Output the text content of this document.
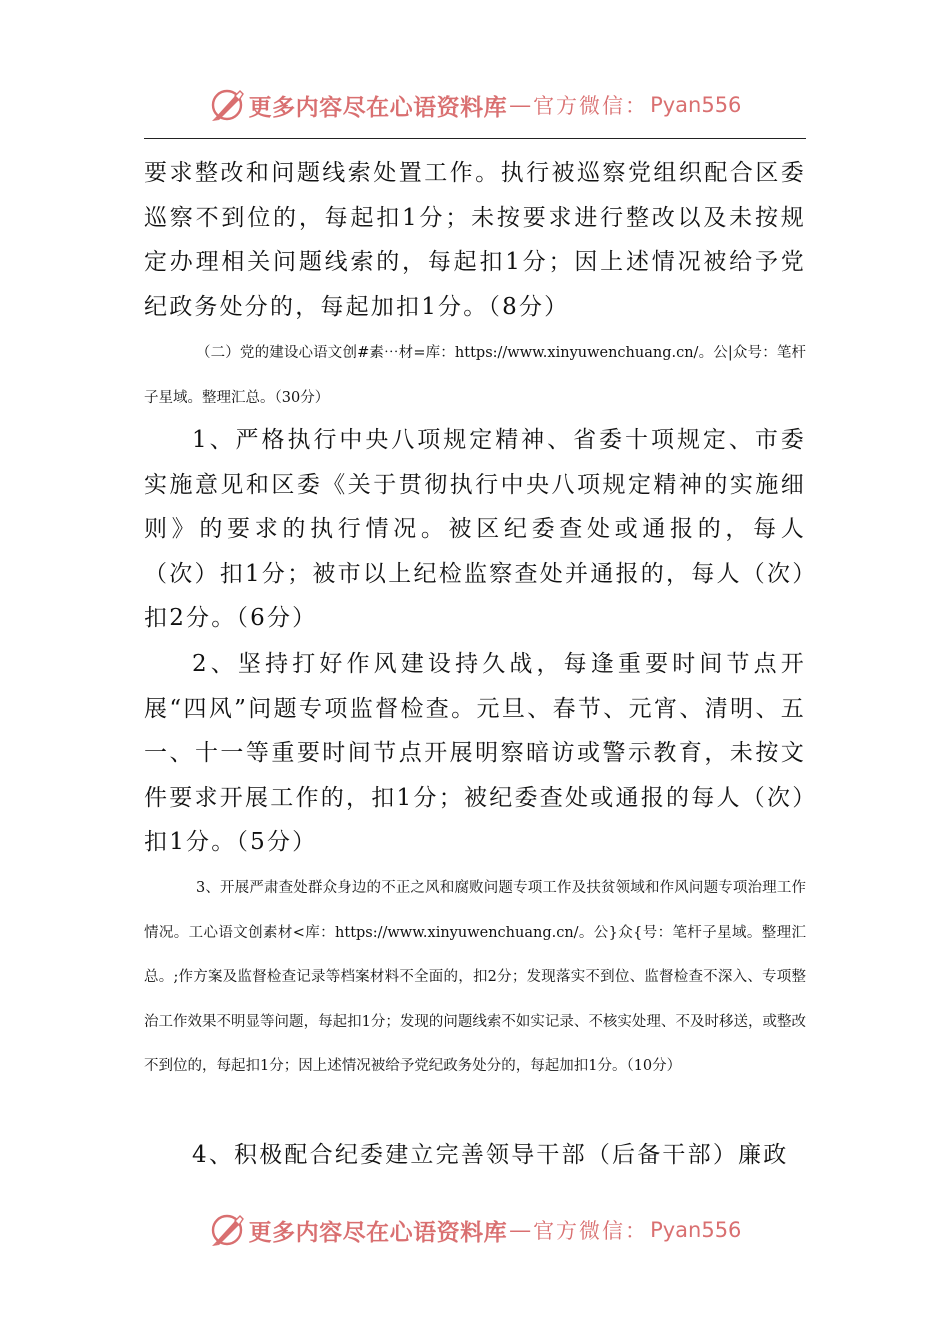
更多内容尽在心语资料库 — 官方微信： Pyan556
要求整改和问题线索处置工作。执行被巡察党组织配合区委巡察不到位的，每起扣1分；未按要求进行整改以及未按规定办理相关问题线索的，每起扣1分；因上述情况被给予党纪政务处分的，每起加扣1分。（8分）
（二）党的建设心语文创#素⋯材=库：https://www.xinyuwenchuang.cn/。公|众号：笔杆子星域。整理汇总。（30分）
1、严格执行中央八项规定精神、省委十项规定、市委实施意见和区委《关于贯彻执行中央八项规定精神的实施细则》的要求的执行情况。被区纪委查处或通报的，每人（次）扣1分；被市以上纪检监察查处并通报的，每人（次）扣2分。（6分）
2、坚持打好作风建设持久战，每逢重要时间节点开展“四风”问题专项监督检查。元旦、春节、元宵、清明、五一、十一等重要时间节点开展明察暗访或警示教育，未按文件要求开展工作的，扣1分；被纪委查处或通报的每人（次）扣1分。（5分）
3、开展严肃查处群众身边的不正之风和腐败问题专项工作及扶贫领域和作风问题专项治理工作情况。工心语文创素材<库：https://www.xinyuwenchuang.cn/。公}众{号：笔杆子星域。整理汇总。;作方案及监督检查记录等档案材料不全面的，扣2分；发现落实不到位、监督检查不深入、专项整治工作效果不明显等问题，每起扣1分；发现的问题线索不如实记录、不核实处理、不及时移送，或整改不到位的，每起扣1分；因上述情况被给予党纪政务处分的，每起加扣1分。（10分）
4、积极配合纪委建立完善领导干部（后备干部）廉政
更多内容尽在心语资料库 — 官方微信： Pyan556
